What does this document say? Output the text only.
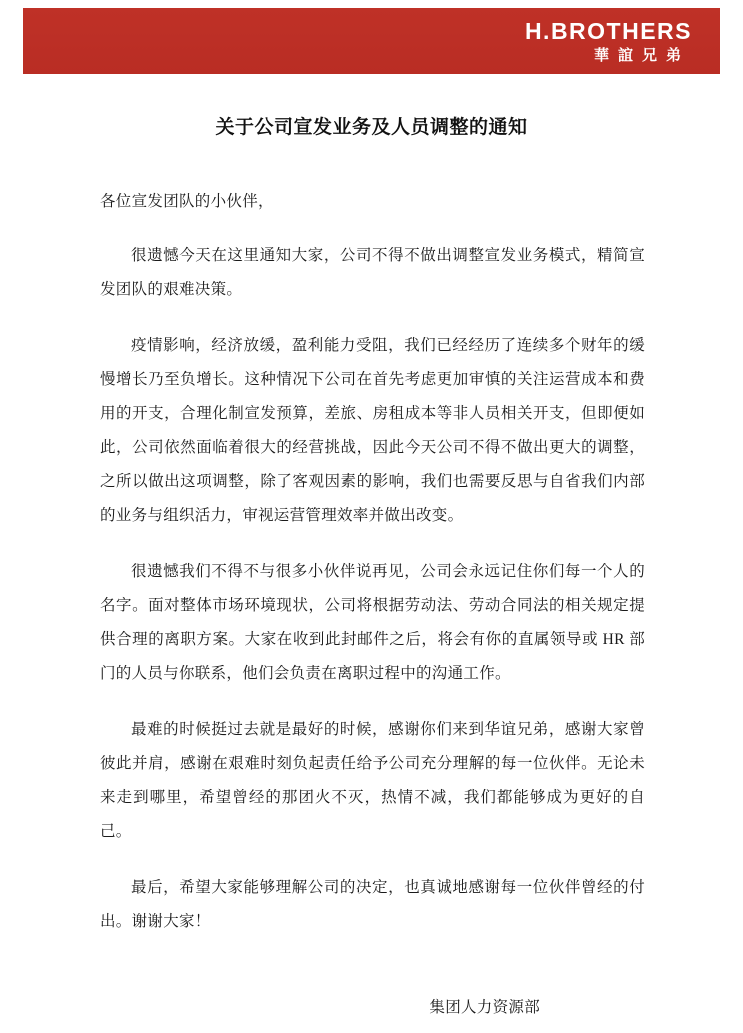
H.BROTHERS
華誼兄弟
关于公司宣发业务及人员调整的通知

各位宣发团队的小伙伴，

很遗憾今天在这里通知大家，公司不得不做出调整宣发业务模式，精简宣发团队的艰难决策。

疫情影响，经济放缓，盈利能力受阻，我们已经经历了连续多个财年的缓慢增长乃至负增长。这种情况下公司在首先考虑更加审慎的关注运营成本和费用的开支，合理化制宣发预算，差旅、房租成本等非人员相关开支，但即便如此，公司依然面临着很大的经营挑战，因此今天公司不得不做出更大的调整，之所以做出这项调整，除了客观因素的影响，我们也需要反思与自省我们内部的业务与组织活力，审视运营管理效率并做出改变。

很遗憾我们不得不与很多小伙伴说再见，公司会永远记住你们每一个人的名字。面对整体市场环境现状，公司将根据劳动法、劳动合同法的相关规定提供合理的离职方案。大家在收到此封邮件之后，将会有你的直属领导或 HR 部门的人员与你联系，他们会负责在离职过程中的沟通工作。

最难的时候挺过去就是最好的时候，感谢你们来到华谊兄弟，感谢大家曾彼此并肩，感谢在艰难时刻负起责任给予公司充分理解的每一位伙伴。无论未来走到哪里，希望曾经的那团火不灭，热情不减，我们都能够成为更好的自己。

最后，希望大家能够理解公司的决定，也真诚地感谢每一位伙伴曾经的付出。谢谢大家！

集团人力资源部
